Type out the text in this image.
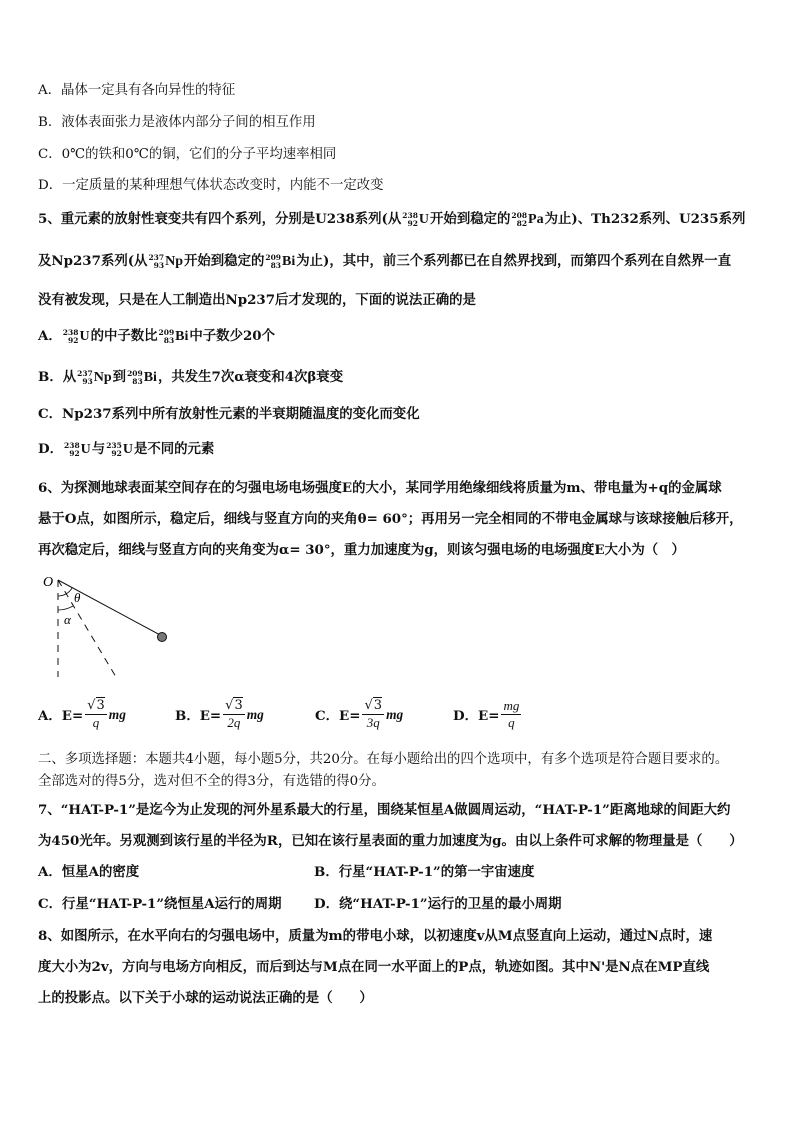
A．晶体一定具有各向异性的特征
B．液体表面张力是液体内部分子间的相互作用
C．0℃的铁和0℃的铜，它们的分子平均速率相同
D．一定质量的某种理想气体状态改变时，内能不一定改变
5、重元素的放射性衰变共有四个系列，分别是U238系列(从 238
92 U 开始到稳定的 208
82 Pa 为止)、Th232系列、U235系列
及Np237系列(从 237
93 Np 开始到稳定的 209
83 Bi 为止)，其中，前三个系列都已在自然界找到，而第四个系列在自然界一直
没有被发现，只是在人工制造出Np237后才发现的，下面的说法正确的是
A． 238
92 U 的中子数比 209
83 Bi 中子数少20个
B．从 237
93 Np 到 209
83 Bi ，共发生7次α衰变和4次β衰变
C．Np237系列中所有放射性元素的半衰期随温度的变化而变化
D． 238
92 U 与 235
92 U 是不同的元素
6、为探测地球表面某空间存在的匀强电场电场强度E的大小，某同学用绝缘细线将质量为m、带电量为+q的金属球
悬于O点，如图所示，稳定后，细线与竖直方向的夹角θ= 60°；再用另一完全相同的不带电金属球与该球接触后移开，
再次稳定后，细线与竖直方向的夹角变为α= 30°，重力加速度为g，则该匀强电场的电场强度E大小为（　）
O
θ
α
A．$E= \frac{√3}{q}$ mg	B．$E= \frac{√3}{2q}$ mg	C．$E= \frac{√3}{3q}$ mg	D．$E= \frac{mg}{q}$
二、多项选择题：本题共4小题，每小题5分，共20分。在每小题给出的四个选项中，有多个选项是符合题目要求的。
全部选对的得5分，选对但不全的得3分，有选错的得0分。
7、“HAT-P-1”是迄今为止发现的河外星系最大的行星，围绕某恒星A做圆周运动，“HAT-P-1”距离地球的间距大约
为450光年。另观测到该行星的半径为R，已知在该行星表面的重力加速度为g。由以上条件可求解的物理量是（　　）
A．恒星A的密度	B．行星“HAT-P-1”的第一宇宙速度
C．行星“HAT-P-1”绕恒星A运行的周期 D．绕“HAT-P-1”运行的卫星的最小周期
8、如图所示，在水平向右的匀强电场中，质量为m的带电小球，以初速度v从M点竖直向上运动，通过N点时，速
度大小为2v，方向与电场方向相反，而后到达与M点在同一水平面上的P点，轨迹如图。其中N'是N点在MP直线
上的投影点。以下关于小球的运动说法正确的是（　　）
